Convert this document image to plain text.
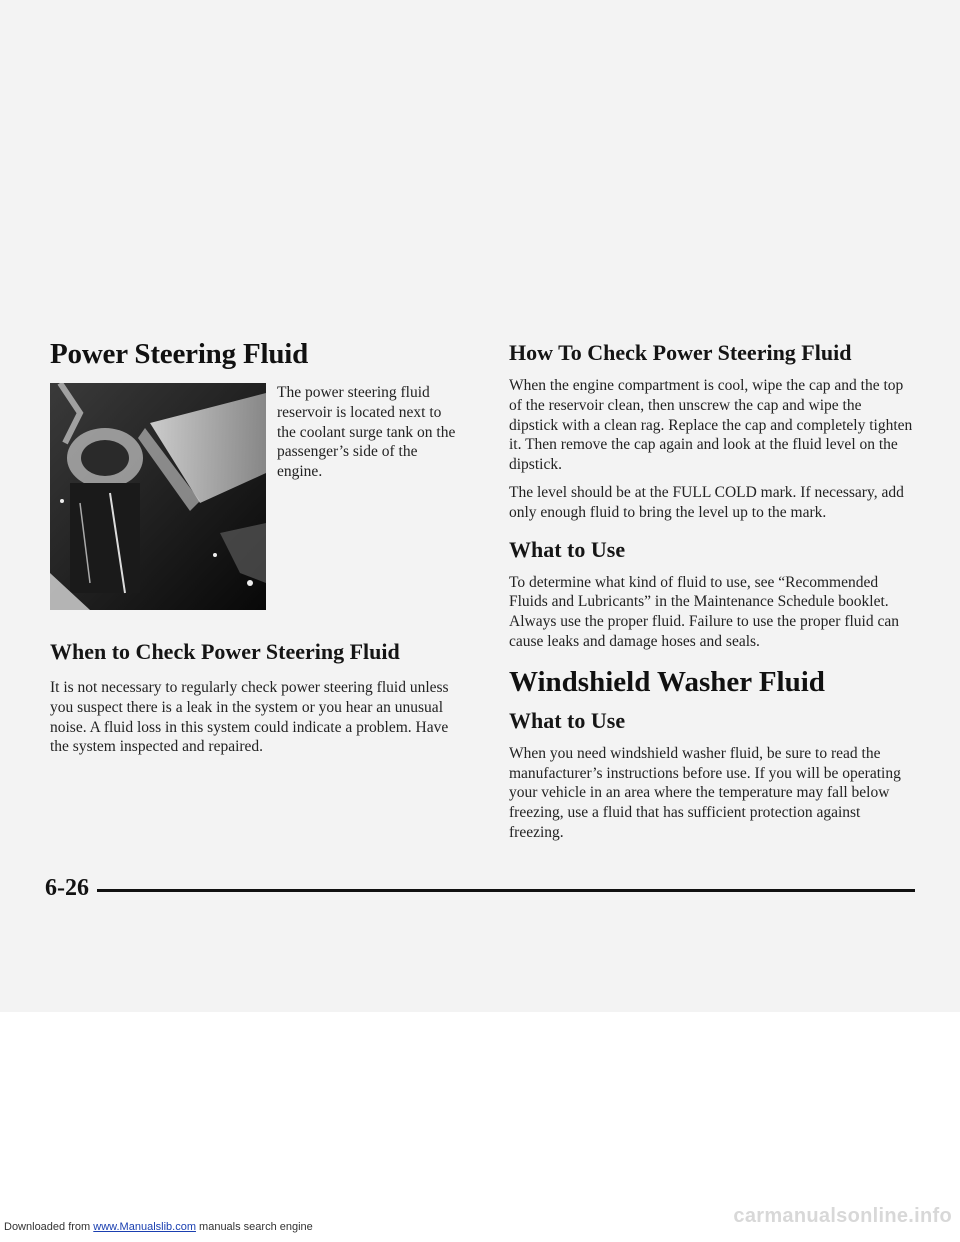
Power Steering Fluid

The power steering fluid reservoir is located next to the coolant surge tank on the passenger’s side of the engine.

When to Check Power Steering Fluid

It is not necessary to regularly check power steering fluid unless you suspect there is a leak in the system or you hear an unusual noise. A fluid loss in this system could indicate a problem. Have the system inspected and repaired.

How To Check Power Steering Fluid

When the engine compartment is cool, wipe the cap and the top of the reservoir clean, then unscrew the cap and wipe the dipstick with a clean rag. Replace the cap and completely tighten it. Then remove the cap again and look at the fluid level on the dipstick.

The level should be at the FULL COLD mark. If necessary, add only enough fluid to bring the level up to the mark.

What to Use

To determine what kind of fluid to use, see “Recommended Fluids and Lubricants” in the Maintenance Schedule booklet. Always use the proper fluid. Failure to use the proper fluid can cause leaks and damage hoses and seals.

Windshield Washer Fluid
What to Use

When you need windshield washer fluid, be sure to read the manufacturer’s instructions before use. If you will be operating your vehicle in an area where the temperature may fall below freezing, use a fluid that has sufficient protection against freezing.

6-26
Downloaded from www.Manualslib.com manuals search engine	carmanualsonline.info
